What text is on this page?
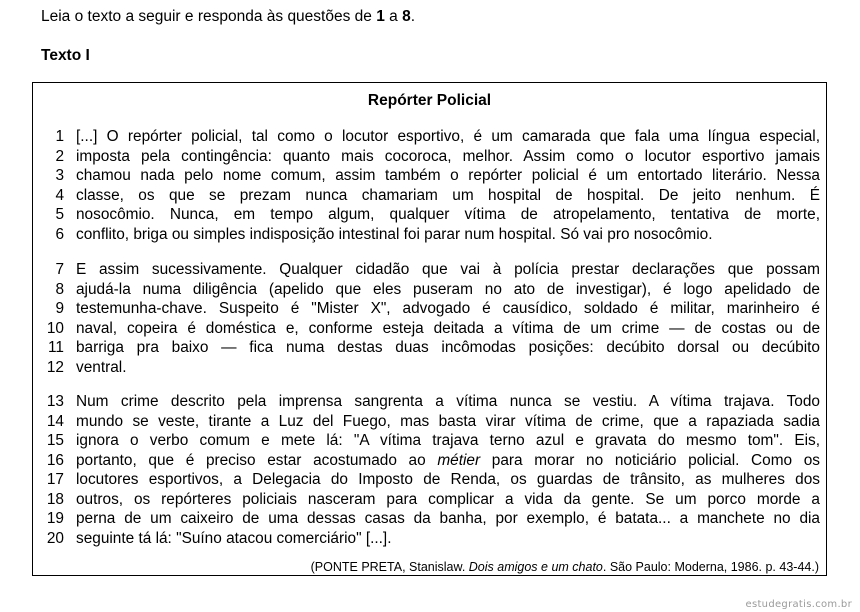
Leia o texto a seguir e responda às questões de 1 a 8.
Texto I
Repórter Policial
1 [...] O repórter policial, tal como o locutor esportivo, é um camarada que fala uma língua especial,
2 imposta pela contingência: quanto mais cocoroca, melhor. Assim como o locutor esportivo jamais
3 chamou nada pelo nome comum, assim também o repórter policial é um entortado literário. Nessa
4 classe, os que se prezam nunca chamariam um hospital de hospital. De jeito nenhum. É
5 nosocômio. Nunca, em tempo algum, qualquer vítima de atropelamento, tentativa de morte,
6 conflito, briga ou simples indisposição intestinal foi parar num hospital. Só vai pro nosocômio.
7 E assim sucessivamente. Qualquer cidadão que vai à polícia prestar declarações que possam
8 ajudá-la numa diligência (apelido que eles puseram no ato de investigar), é logo apelidado de
9 testemunha-chave. Suspeito é "Mister X", advogado é causídico, soldado é militar, marinheiro é
10 naval, copeira é doméstica e, conforme esteja deitada a vítima de um crime — de costas ou de
11 barriga pra baixo — fica numa destas duas incômodas posições: decúbito dorsal ou decúbito
12 ventral.
13 Num crime descrito pela imprensa sangrenta a vítima nunca se vestiu. A vítima trajava. Todo
14 mundo se veste, tirante a Luz del Fuego, mas basta virar vítima de crime, que a rapaziada sadia
15 ignora o verbo comum e mete lá: "A vítima trajava terno azul e gravata do mesmo tom". Eis,
16 portanto, que é preciso estar acostumado ao métier para morar no noticiário policial. Como os
17 locutores esportivos, a Delegacia do Imposto de Renda, os guardas de trânsito, as mulheres dos
18 outros, os repórteres policiais nasceram para complicar a vida da gente. Se um porco morde a
19 perna de um caixeiro de uma dessas casas da banha, por exemplo, é batata... a manchete no dia
20 seguinte tá lá: "Suíno atacou comerciário" [...].
(PONTE PRETA, Stanislaw. Dois amigos e um chato. São Paulo: Moderna, 1986. p. 43-44.)
estudegratis.com.br
